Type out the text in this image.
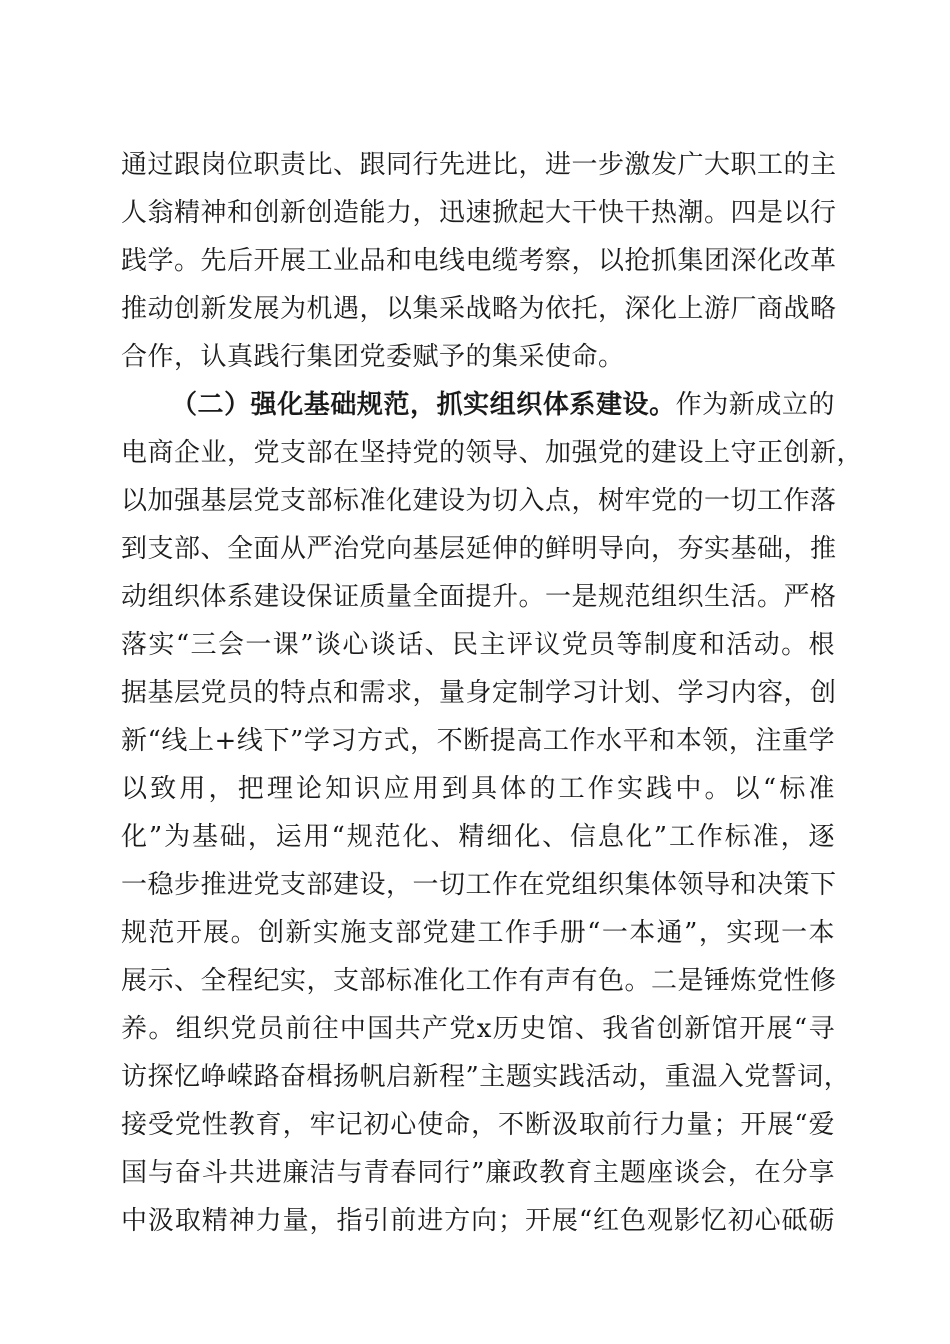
通过跟岗位职责比、跟同行先进比，进一步激发广大职工的主
人翁精神和创新创造能力，迅速掀起大干快干热潮。四是以行
践学。先后开展工业品和电线电缆考察，以抢抓集团深化改革
推动创新发展为机遇，以集采战略为依托，深化上游厂商战略
合作，认真践行集团党委赋予的集采使命。
（二）强化基础规范，抓实组织体系建设。作为新成立的
电商企业，党支部在坚持党的领导、加强党的建设上守正创新，
以加强基层党支部标准化建设为切入点，树牢党的一切工作落
到支部、全面从严治党向基层延伸的鲜明导向，夯实基础，推
动组织体系建设保证质量全面提升。一是规范组织生活。严格
落实“三会一课”谈心谈话、民主评议党员等制度和活动。根
据基层党员的特点和需求，量身定制学习计划、学习内容，创
新“线上+线下”学习方式，不断提高工作水平和本领，注重学
以致用，把理论知识应用到具体的工作实践中。以“标准
化”为基础，运用“规范化、精细化、信息化”工作标准，逐
一稳步推进党支部建设，一切工作在党组织集体领导和决策下
规范开展。创新实施支部党建工作手册“一本通”，实现一本
展示、全程纪实，支部标准化工作有声有色。二是锤炼党性修
养。组织党员前往中国共产党x历史馆、我省创新馆开展“寻
访探忆峥嵘路奋楫扬帆启新程”主题实践活动，重温入党誓词，
接受党性教育，牢记初心使命，不断汲取前行力量；开展“爱
国与奋斗共进廉洁与青春同行”廉政教育主题座谈会，在分享
中汲取精神力量，指引前进方向；开展“红色观影忆初心砥砺
